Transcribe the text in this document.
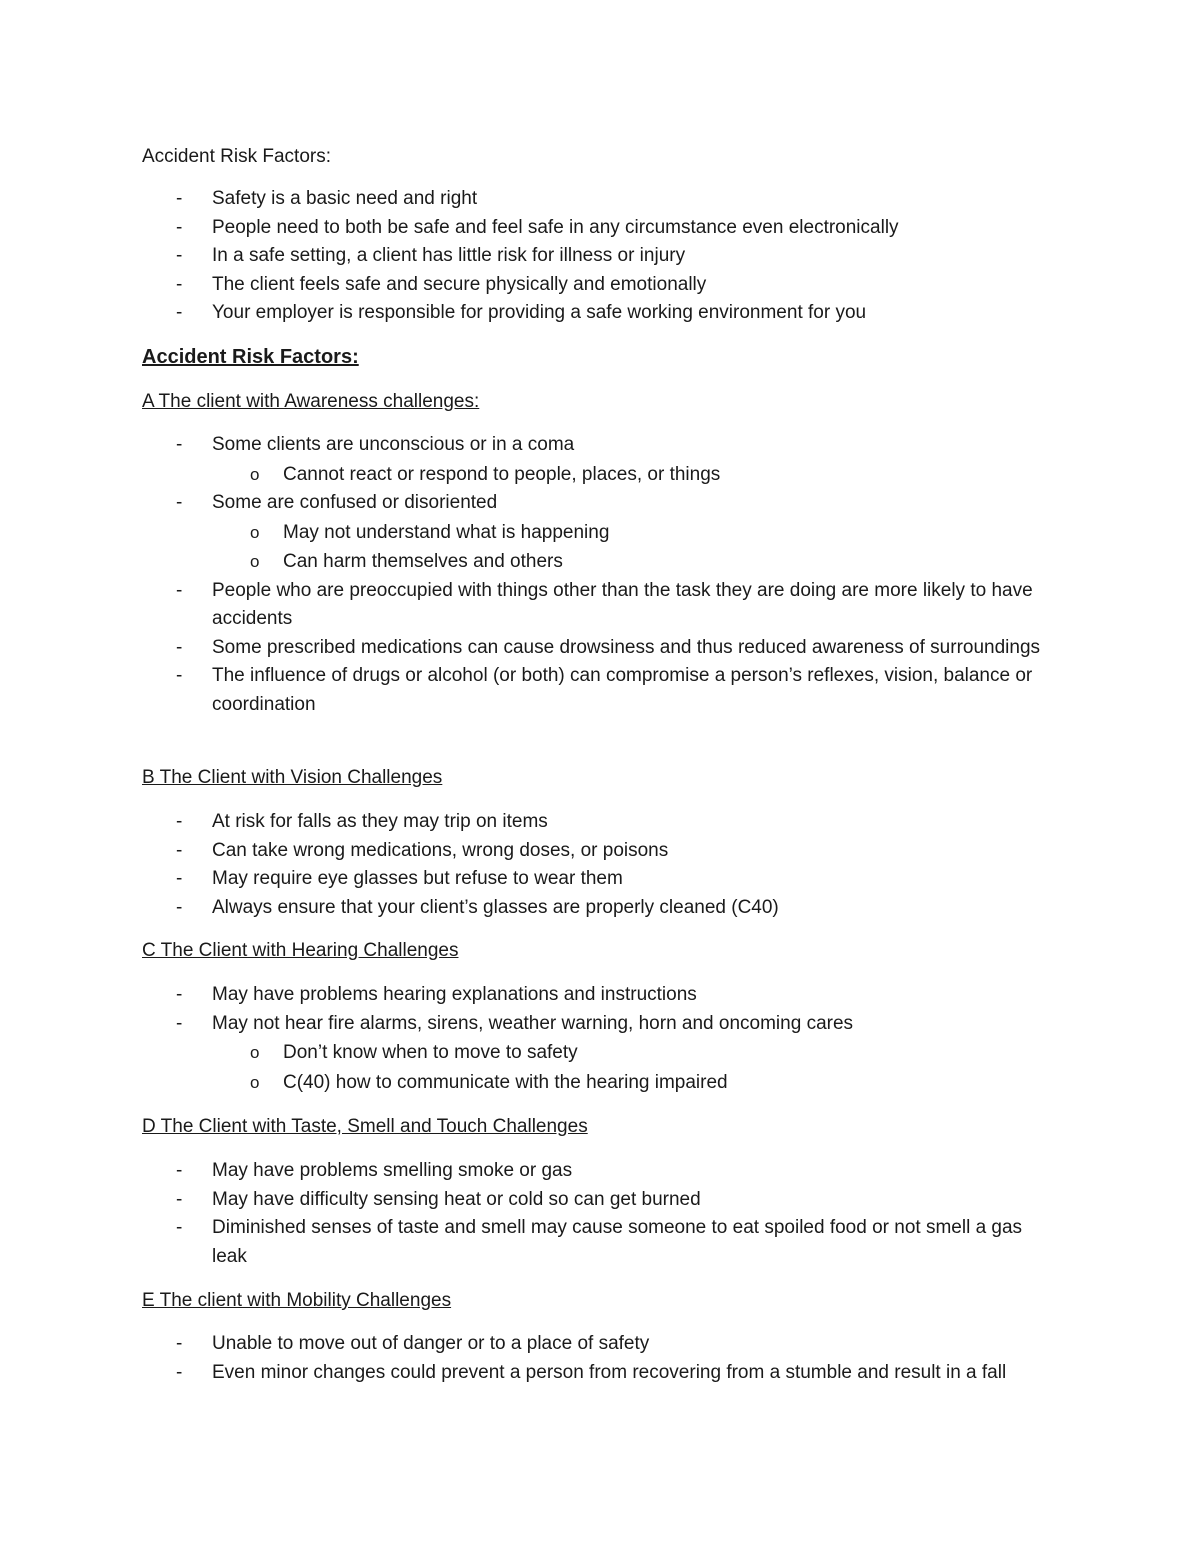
Accident Risk Factors:
- Safety is a basic need and right
- People need to both be safe and feel safe in any circumstance even electronically
- In a safe setting, a client has little risk for illness or injury
- The client feels safe and secure physically and emotionally
- Your employer is responsible for providing a safe working environment for you
Accident Risk Factors:
A The client with Awareness challenges:
- Some clients are unconscious or in a coma
o Cannot react or respond to people, places, or things
- Some are confused or disoriented
o May not understand what is happening
o Can harm themselves and others
- People who are preoccupied with things other than the task they are doing are more likely to have accidents
- Some prescribed medications can cause drowsiness and thus reduced awareness of surroundings
- The influence of drugs or alcohol (or both) can compromise a person’s reflexes, vision, balance or coordination
B The Client with Vision Challenges
- At risk for falls as they may trip on items
- Can take wrong medications, wrong doses, or poisons
- May require eye glasses but refuse to wear them
- Always ensure that your client’s glasses are properly cleaned (C40)
C The Client with Hearing Challenges
- May have problems hearing explanations and instructions
- May not hear fire alarms, sirens, weather warning, horn and oncoming cares
o Don’t know when to move to safety
o C(40) how to communicate with the hearing impaired
D The Client with Taste, Smell and Touch Challenges
- May have problems smelling smoke or gas
- May have difficulty sensing heat or cold so can get burned
- Diminished senses of taste and smell may cause someone to eat spoiled food or not smell a gas leak
E The client with Mobility Challenges
- Unable to move out of danger or to a place of safety
- Even minor changes could prevent a person from recovering from a stumble and result in a fall
